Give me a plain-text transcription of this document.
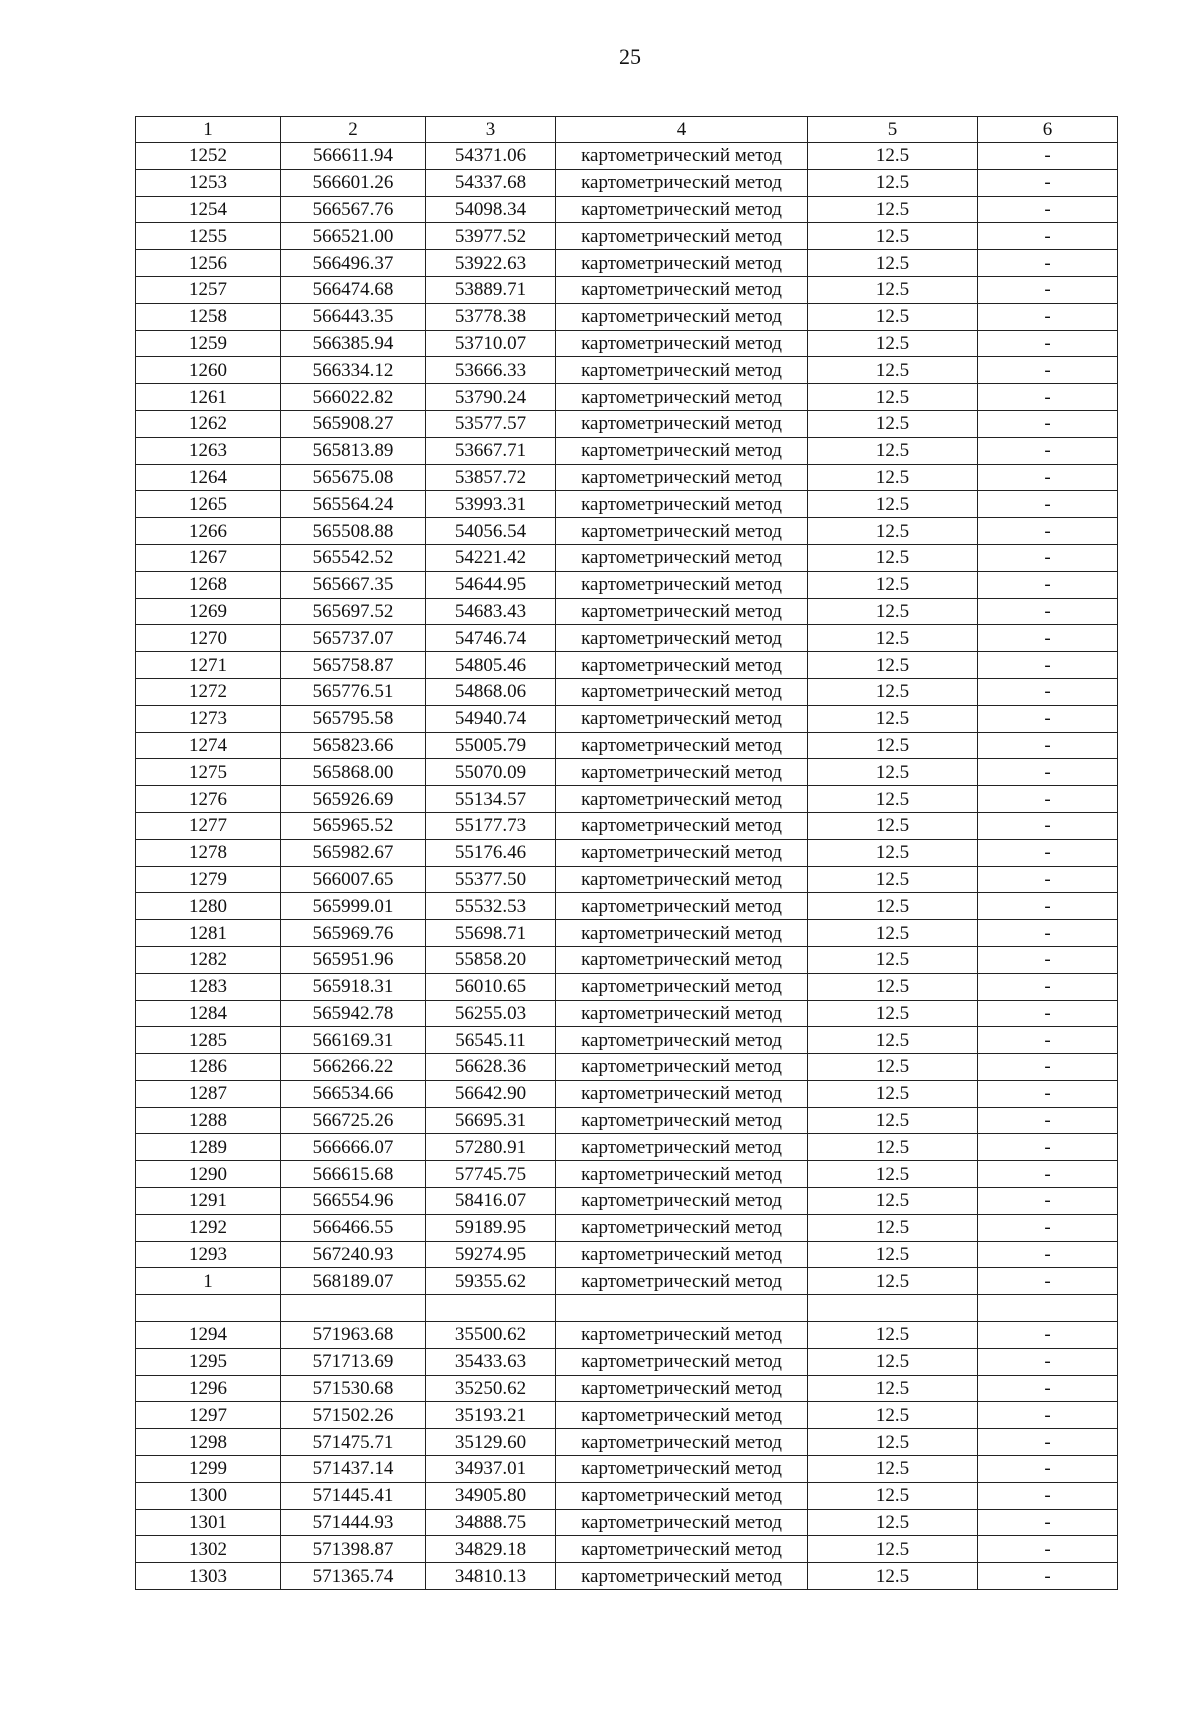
25
1	2	3	4	5	6
1252	566611.94	54371.06	картометрический метод	12.5	-
1253	566601.26	54337.68	картометрический метод	12.5	-
1254	566567.76	54098.34	картометрический метод	12.5	-
1255	566521.00	53977.52	картометрический метод	12.5	-
1256	566496.37	53922.63	картометрический метод	12.5	-
1257	566474.68	53889.71	картометрический метод	12.5	-
1258	566443.35	53778.38	картометрический метод	12.5	-
1259	566385.94	53710.07	картометрический метод	12.5	-
1260	566334.12	53666.33	картометрический метод	12.5	-
1261	566022.82	53790.24	картометрический метод	12.5	-
1262	565908.27	53577.57	картометрический метод	12.5	-
1263	565813.89	53667.71	картометрический метод	12.5	-
1264	565675.08	53857.72	картометрический метод	12.5	-
1265	565564.24	53993.31	картометрический метод	12.5	-
1266	565508.88	54056.54	картометрический метод	12.5	-
1267	565542.52	54221.42	картометрический метод	12.5	-
1268	565667.35	54644.95	картометрический метод	12.5	-
1269	565697.52	54683.43	картометрический метод	12.5	-
1270	565737.07	54746.74	картометрический метод	12.5	-
1271	565758.87	54805.46	картометрический метод	12.5	-
1272	565776.51	54868.06	картометрический метод	12.5	-
1273	565795.58	54940.74	картометрический метод	12.5	-
1274	565823.66	55005.79	картометрический метод	12.5	-
1275	565868.00	55070.09	картометрический метод	12.5	-
1276	565926.69	55134.57	картометрический метод	12.5	-
1277	565965.52	55177.73	картометрический метод	12.5	-
1278	565982.67	55176.46	картометрический метод	12.5	-
1279	566007.65	55377.50	картометрический метод	12.5	-
1280	565999.01	55532.53	картометрический метод	12.5	-
1281	565969.76	55698.71	картометрический метод	12.5	-
1282	565951.96	55858.20	картометрический метод	12.5	-
1283	565918.31	56010.65	картометрический метод	12.5	-
1284	565942.78	56255.03	картометрический метод	12.5	-
1285	566169.31	56545.11	картометрический метод	12.5	-
1286	566266.22	56628.36	картометрический метод	12.5	-
1287	566534.66	56642.90	картометрический метод	12.5	-
1288	566725.26	56695.31	картометрический метод	12.5	-
1289	566666.07	57280.91	картометрический метод	12.5	-
1290	566615.68	57745.75	картометрический метод	12.5	-
1291	566554.96	58416.07	картометрический метод	12.5	-
1292	566466.55	59189.95	картометрический метод	12.5	-
1293	567240.93	59274.95	картометрический метод	12.5	-
1	568189.07	59355.62	картометрический метод	12.5	-

1294	571963.68	35500.62	картометрический метод	12.5	-
1295	571713.69	35433.63	картометрический метод	12.5	-
1296	571530.68	35250.62	картометрический метод	12.5	-
1297	571502.26	35193.21	картометрический метод	12.5	-
1298	571475.71	35129.60	картометрический метод	12.5	-
1299	571437.14	34937.01	картометрический метод	12.5	-
1300	571445.41	34905.80	картометрический метод	12.5	-
1301	571444.93	34888.75	картометрический метод	12.5	-
1302	571398.87	34829.18	картометрический метод	12.5	-
1303	571365.74	34810.13	картометрический метод	12.5	-
